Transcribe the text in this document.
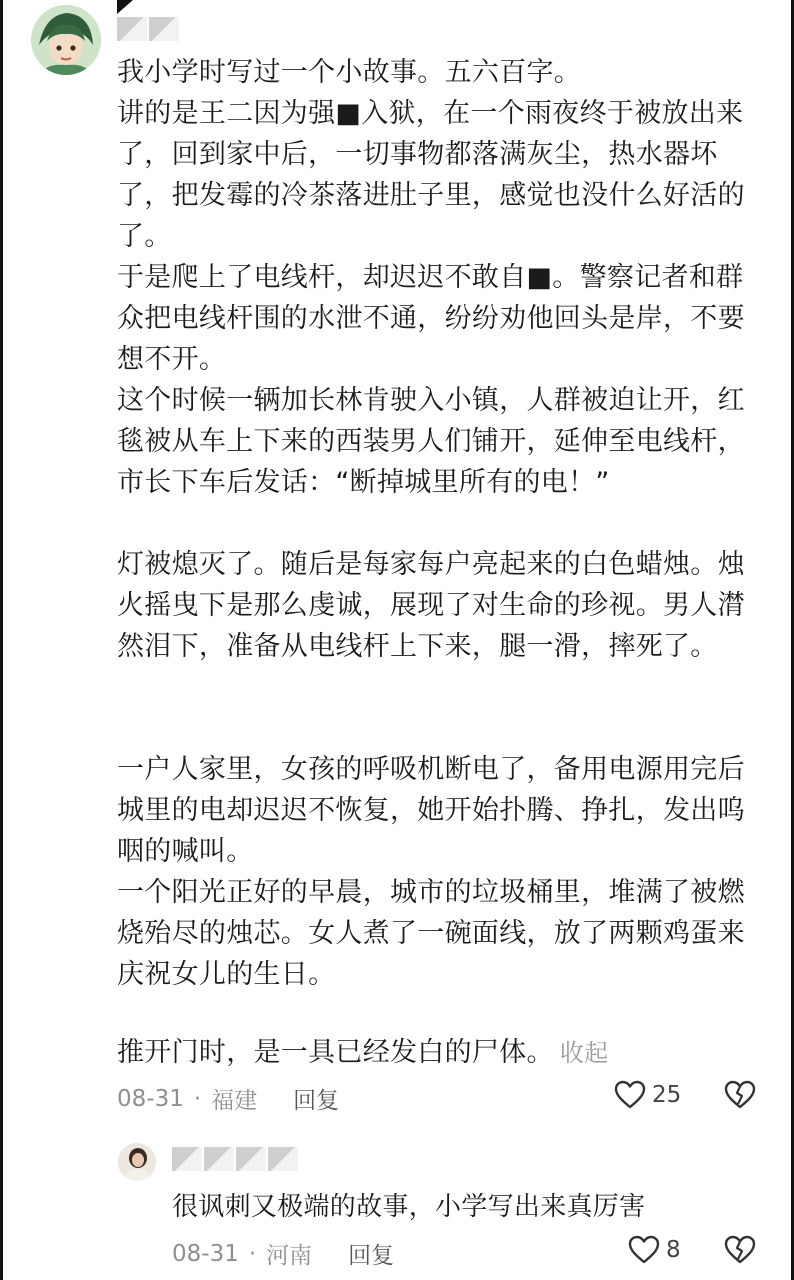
我小学时写过一个小故事。五六百字。

讲的是王二因为强■入狱，在一个雨夜终于被放出来了，回到家中后，一切事物都落满灰尘，热水器坏了，把发霉的冷茶落进肚子里，感觉也没什么好活的了。

于是爬上了电线杆，却迟迟不敢自■。警察记者和群众把电线杆围的水泄不通，纷纷劝他回头是岸，不要想不开。

这个时候一辆加长林肯驶入小镇，人群被迫让开，红毯被从车上下来的西装男人们铺开，延伸至电线杆，市长下车后发话：“断掉城里所有的电！”

灯被熄灭了。随后是每家每户亮起来的白色蜡烛。烛火摇曳下是那么虔诚，展现了对生命的珍视。男人潸然泪下，准备从电线杆上下来，腿一滑，摔死了。

一户人家里，女孩的呼吸机断电了，备用电源用完后城里的电却迟迟不恢复，她开始扑腾、挣扎，发出呜咽的喊叫。

一个阳光正好的早晨，城市的垃圾桶里，堆满了被燃烧殆尽的烛芯。女人煮了一碗面线，放了两颗鸡蛋来庆祝女儿的生日。

推开门时，是一具已经发白的尸体。 收起

08-31 · 福建 回复	25

很讽刺又极端的故事，小学写出来真厉害

08-31 · 河南 回复	8
